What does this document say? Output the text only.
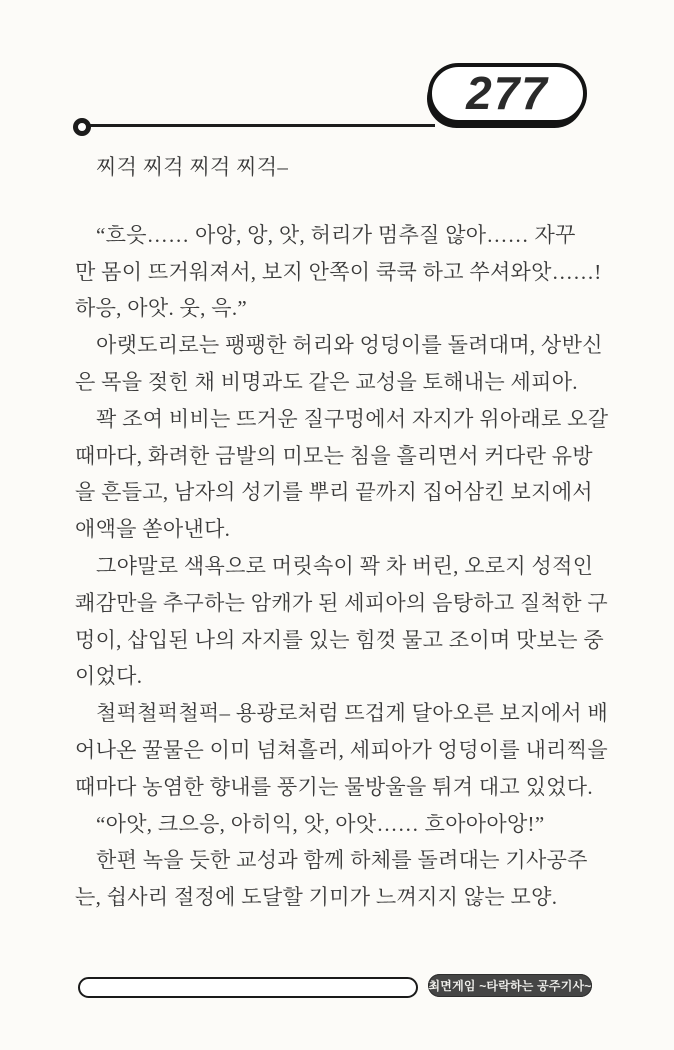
277
찌걱 찌걱 찌걱 찌걱–
“흐읏…… 아앙, 앙, 앗, 허리가 멈추질 않아…… 자꾸
만 몸이 뜨거워져서, 보지 안쪽이 쿡쿡 하고 쑤셔와앗……!
하응, 아앗. 웃, 윽.”
아랫도리로는 팽팽한 허리와 엉덩이를 돌려대며, 상반신
은 목을 젖힌 채 비명과도 같은 교성을 토해내는 세피아.
꽉 조여 비비는 뜨거운 질구멍에서 자지가 위아래로 오갈
때마다, 화려한 금발의 미모는 침을 흘리면서 커다란 유방
을 흔들고, 남자의 성기를 뿌리 끝까지 집어삼킨 보지에서
애액을 쏟아낸다.
그야말로 색욕으로 머릿속이 꽉 차 버린, 오로지 성적인
쾌감만을 추구하는 암캐가 된 세피아의 음탕하고 질척한 구
멍이, 삽입된 나의 자지를 있는 힘껏 물고 조이며 맛보는 중
이었다.
철퍽철퍽철퍽– 용광로처럼 뜨겁게 달아오른 보지에서 배
어나온 꿀물은 이미 넘쳐흘러, 세피아가 엉덩이를 내리찍을
때마다 농염한 향내를 풍기는 물방울을 튀겨 대고 있었다.
“아앗, 크으응, 아히익, 앗, 아앗…… 흐아아아앙!”
한편 녹을 듯한 교성과 함께 하체를 돌려대는 기사공주
는, 쉽사리 절정에 도달할 기미가 느껴지지 않는 모양.
최면게임 ~타락하는 공주기사~
